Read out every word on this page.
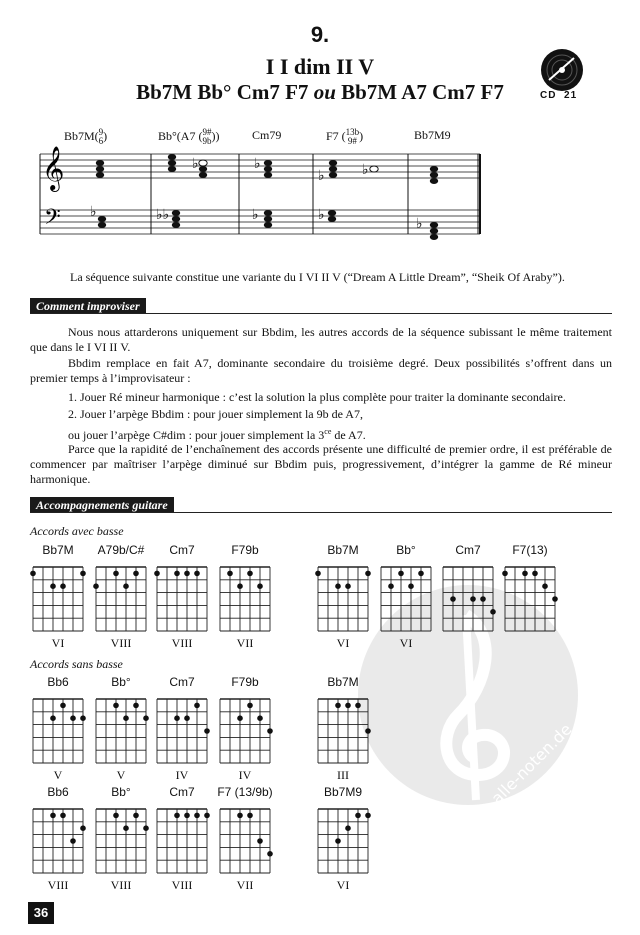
9.
I I dim II V
Bb7M Bb° Cm7 F7 ou Bb7M A7 Cm7 F7	CD 21
Bb7M(9
6)	Bb°(A7 (9#
9b))	Cm79	F7 (13b
9# )	Bb7M9
𝄞
𝄢 ♭
♭
♭♭
♭
♭
♭	♭
♭
♭
La séquence suivante constitue une variante du I VI II V (“Dream A Little Dream”, “Sheik Of Araby”).
Comment improviser
Nous nous attarderons uniquement sur Bbdim, les autres accords de la séquence subissant le même traitement que dans le I VI II V.
Bbdim remplace en fait A7, dominante secondaire du troisième degré. Deux possibilités s’offrent dans un premier temps à l’improvisateur :
1. Jouer Ré mineur harmonique : c’est la solution la plus complète pour traiter la dominante secondaire.
2. Jouer l’arpège Bbdim : pour jouer simplement la 9b de A7,
ou jouer l’arpège C#dim : pour jouer simplement la $3^{ce}$ de A7.
Parce que la rapidité de l’enchaînement des accords présente une difficulté de premier ordre, il est préférable de commencer par maîtriser l’arpège diminué sur Bbdim puis, progressivement, d’intégrer la gamme de Ré mineur harmonique.
Accompagnements guitare
alle-noten.de
Accords avec basse
Bb7M
VI
A79b/C#
VIII
Cm7
VIII
F79b
VII
Bb7M
VI
Bb°
VI
Cm7	F7(13)
Accords sans basse
Bb6
V
Bb°
V
Cm7
IV
F79b
IV
Bb7M
III
Bb6
VIII
Bb°
VIII
Cm7
VIII
F7 (13/9b)
VII
Bb7M9
VI
36
